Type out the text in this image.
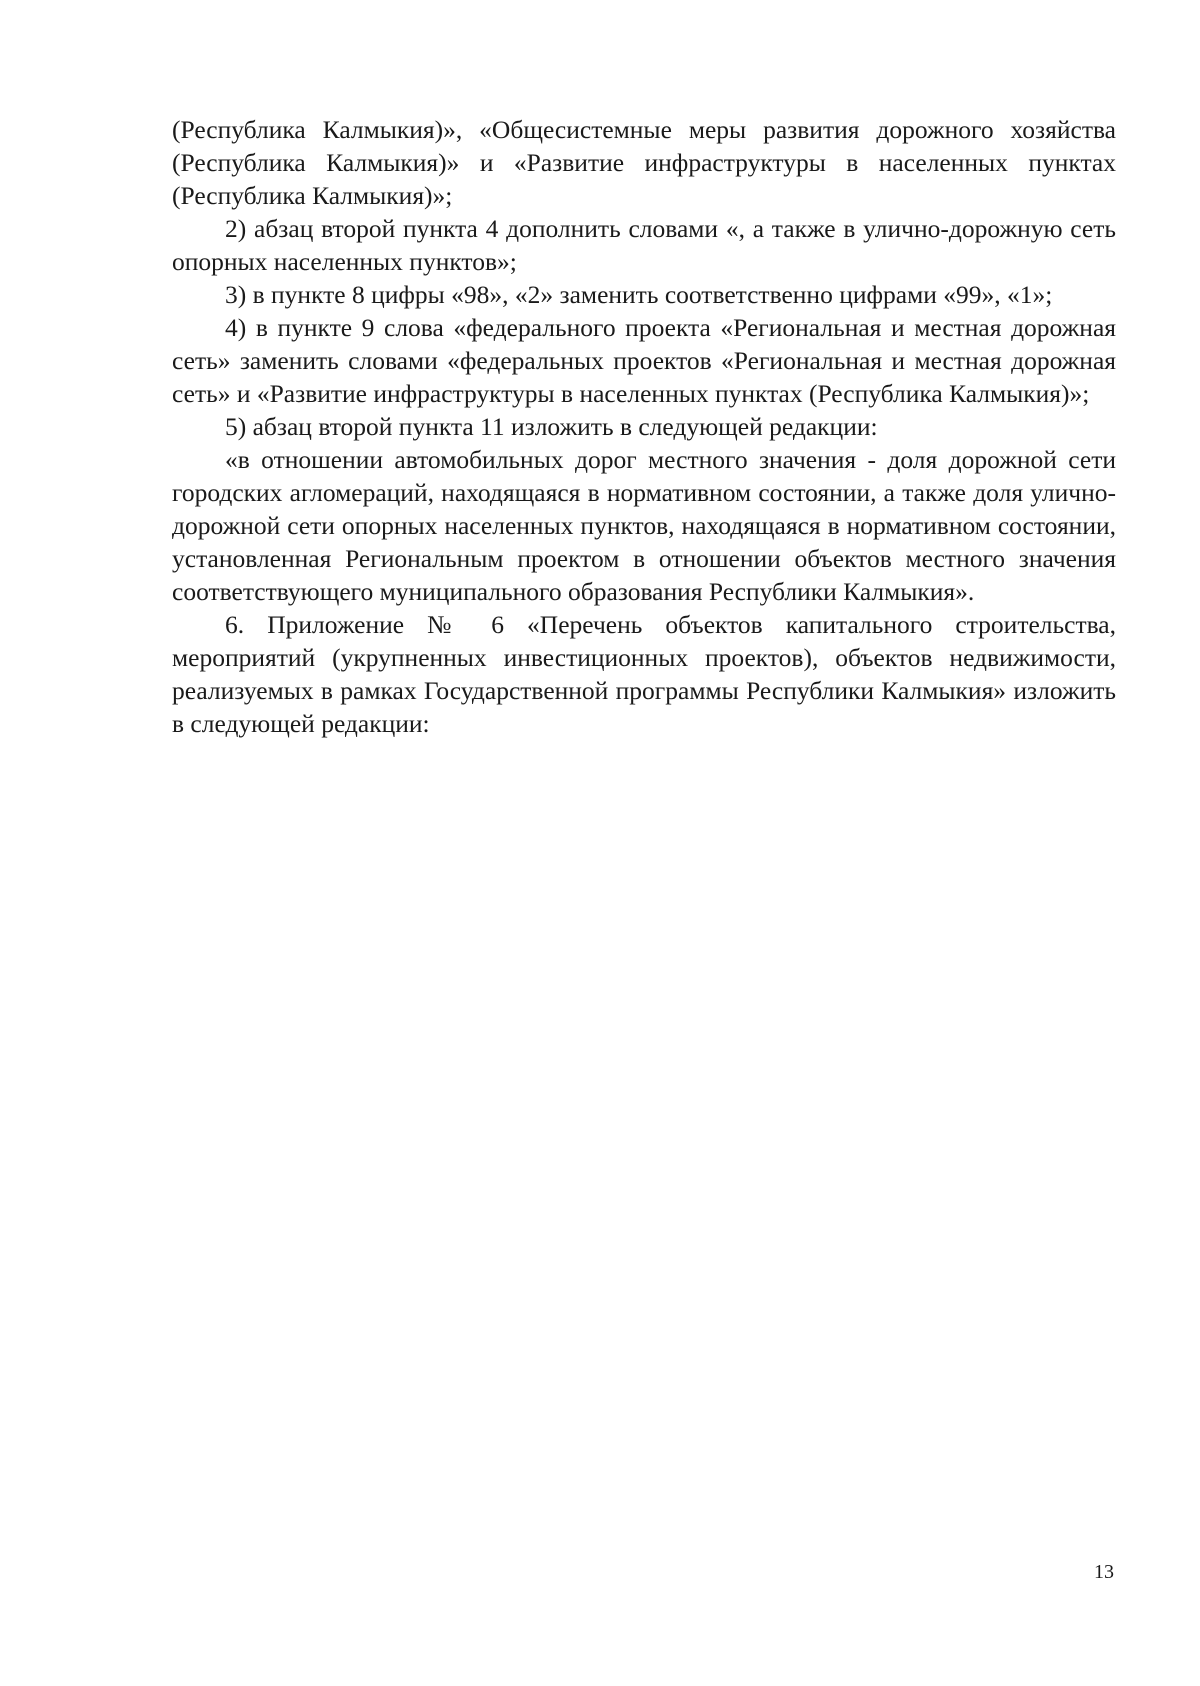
(Республика Калмыкия)», «Общесистемные меры развития дорожного хозяйства (Республика Калмыкия)» и «Развитие инфраструктуры в населенных пунктах (Республика Калмыкия)»;

2) абзац второй пункта 4 дополнить словами «, а также в улично-дорожную сеть опорных населенных пунктов»;

3) в пункте 8 цифры «98», «2» заменить соответственно цифрами «99», «1»;

4) в пункте 9 слова «федерального проекта «Региональная и местная дорожная сеть» заменить словами «федеральных проектов «Региональная и местная дорожная сеть» и «Развитие инфраструктуры в населенных пунктах (Республика Калмыкия)»;

5) абзац второй пункта 11 изложить в следующей редакции:

«в отношении автомобильных дорог местного значения - доля дорожной сети городских агломераций, находящаяся в нормативном состоянии, а также доля улично-дорожной сети опорных населенных пунктов, находящаяся в нормативном состоянии, установленная Региональным проектом в отношении объектов местного значения соответствующего муниципального образования Республики Калмыкия».

6. Приложение № 6 «Перечень объектов капитального строительства, мероприятий (укрупненных инвестиционных проектов), объектов недвижимости, реализуемых в рамках Государственной программы Республики Калмыкия» изложить в следующей редакции:

13
